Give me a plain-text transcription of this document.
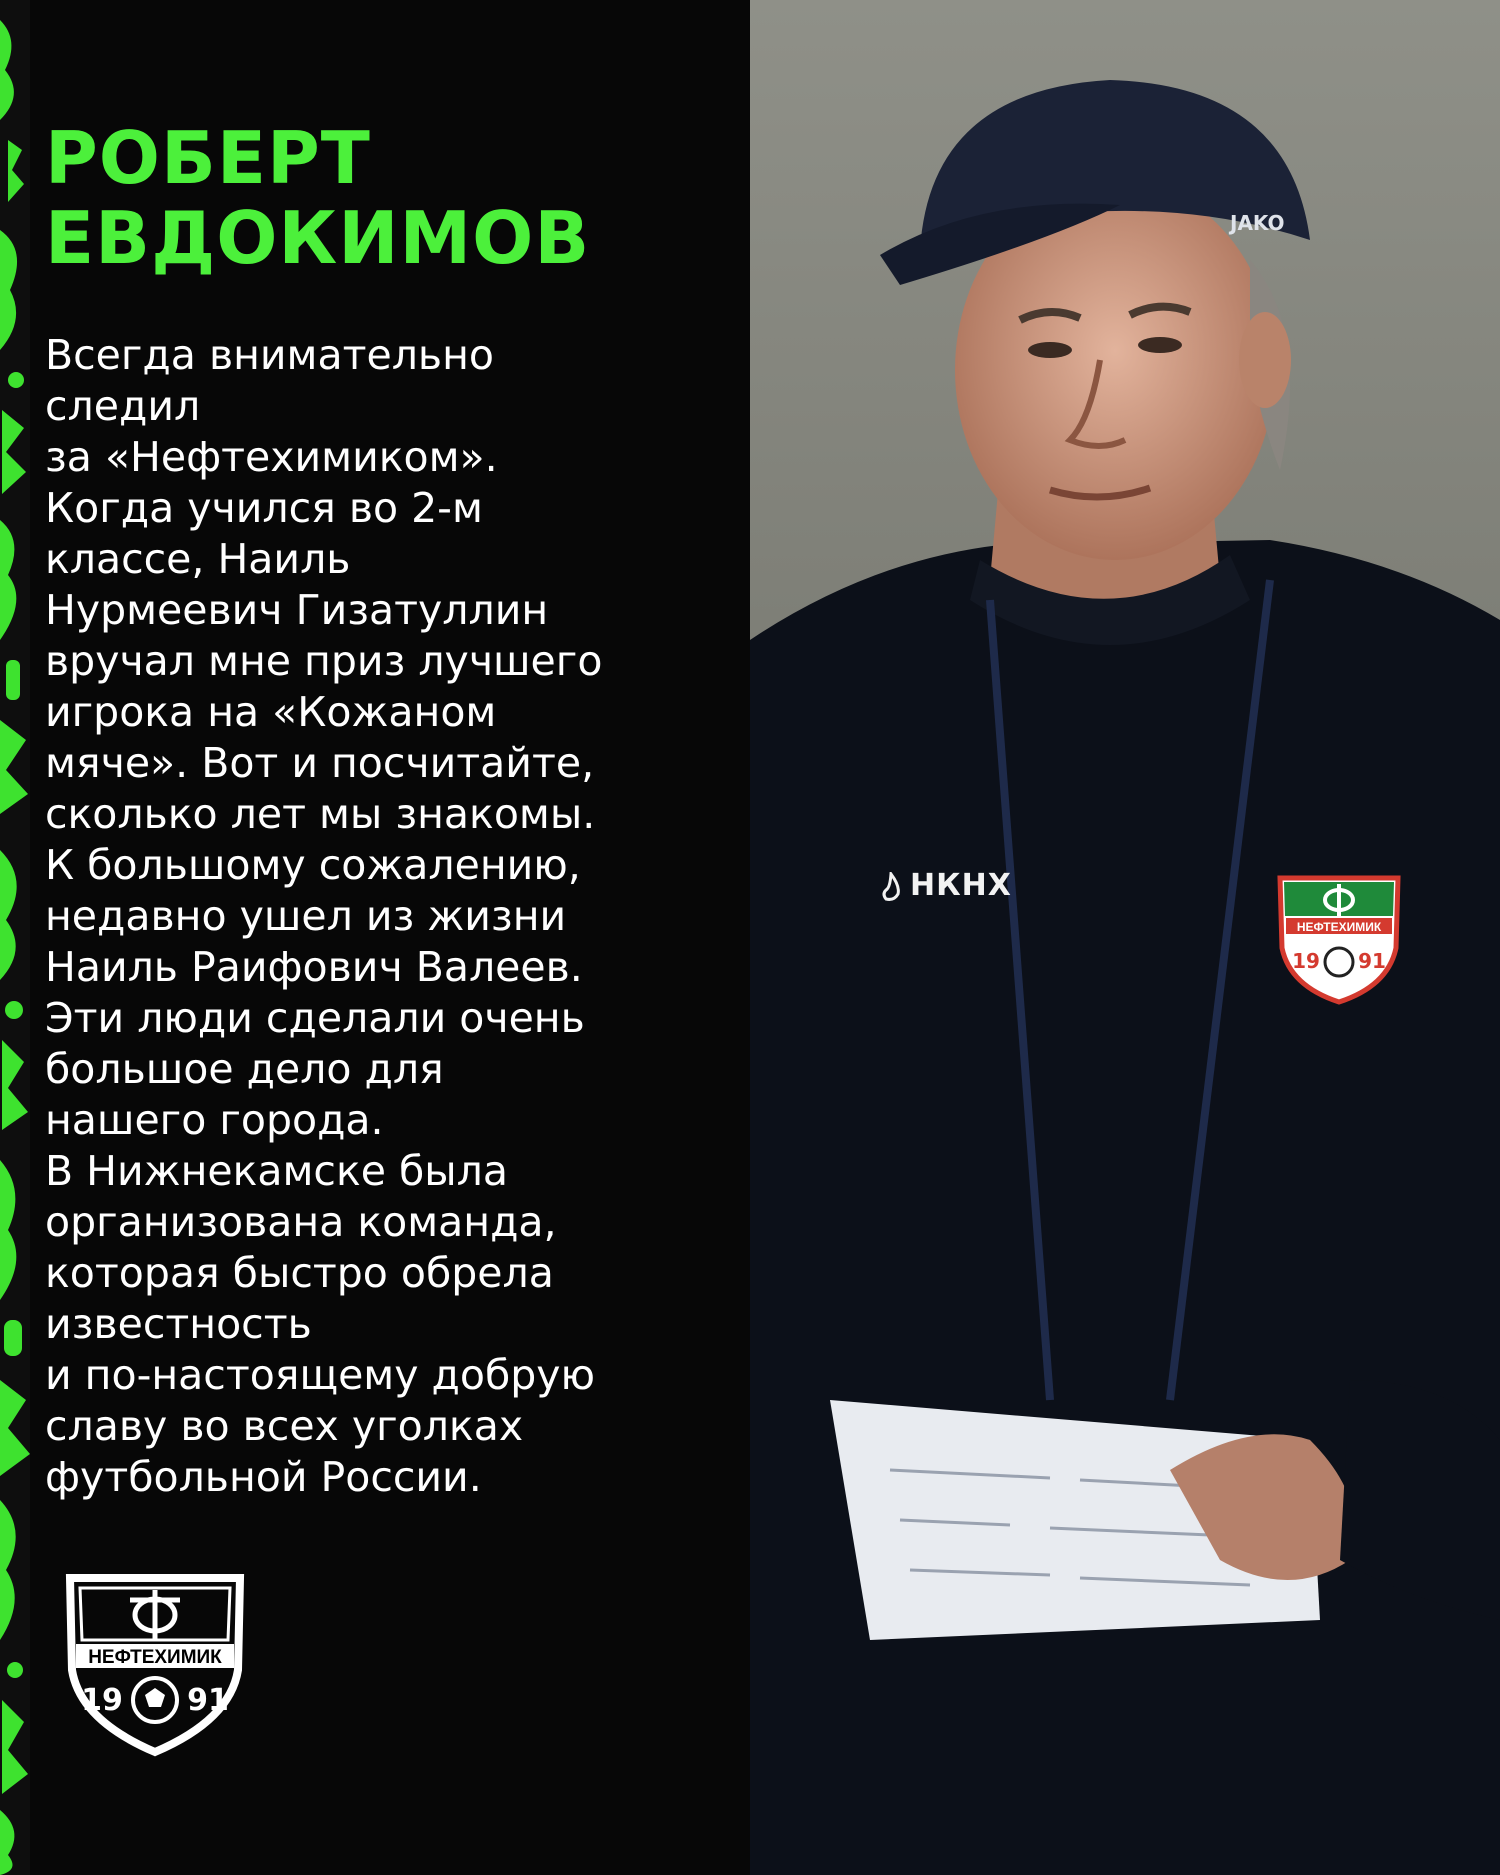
РОБЕРТ
ЕВДОКИМОВ
Всегда внимательно
следил
за «Нефтехимиком».
Когда учился во 2-м
классе, Наиль
Нурмеевич Гизатуллин
вручал мне приз лучшего
игрока на «Кожаном
мяче». Вот и посчитайте,
сколько лет мы знакомы.
К большому сожалению,
недавно ушел из жизни
Наиль Раифович Валеев.
Эти люди сделали очень
большое дело для
нашего города.
В Нижнекамске была
организована команда,
которая быстро обрела
известность
и по-настоящему добрую
славу во всех уголках
футбольной России.
НЕФТЕХИМИК
19 91
JAKO
НКНХ
НЕФТЕХИМИК
19 91
